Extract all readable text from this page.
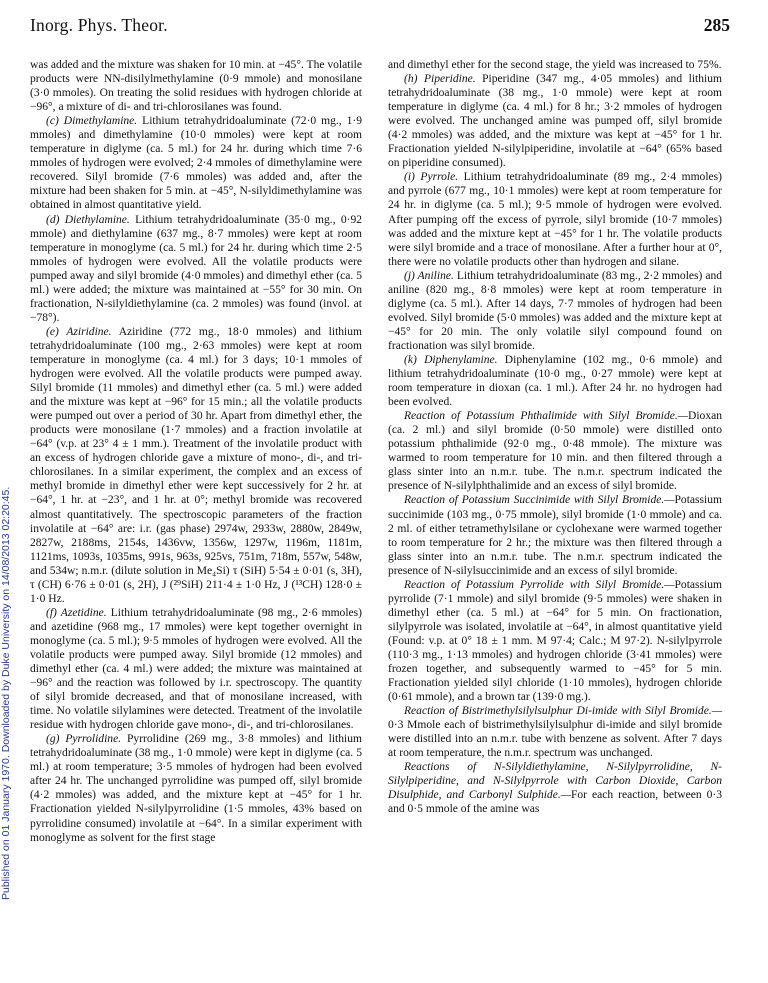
Inorg. Phys. Theor.	285
Published on 01 January 1970. Downloaded by Duke University on 14/08/2013 02:20:45.

was added and the mixture was shaken for 10 min. at −45°. The volatile products were NN-disilylmethylamine (0·9 mmole) and monosilane (3·0 mmoles). On treating the solid residues with hydrogen chloride at −96°, a mixture of di- and tri-chlorosilanes was found.

(c) Dimethylamine. Lithium tetrahydridoaluminate (72·0 mg., 1·9 mmoles) and dimethylamine (10·0 mmoles) were kept at room temperature in diglyme (ca. 5 ml.) for 24 hr. during which time 7·6 mmoles of hydrogen were evolved; 2·4 mmoles of dimethylamine were recovered. Silyl bromide (7·6 mmoles) was added and, after the mixture had been shaken for 5 min. at −45°, N-silyldimethylamine was obtained in almost quantitative yield.

(d) Diethylamine. Lithium tetrahydridoaluminate (35·0 mg., 0·92 mmole) and diethylamine (637 mg., 8·7 mmoles) were kept at room temperature in monoglyme (ca. 5 ml.) for 24 hr. during which time 2·5 mmoles of hydrogen were evolved. All the volatile products were pumped away and silyl bromide (4·0 mmoles) and dimethyl ether (ca. 5 ml.) were added; the mixture was maintained at −55° for 30 min. On fractionation, N-silyldiethylamine (ca. 2 mmoles) was found (invol. at −78°).

(e) Aziridine. Aziridine (772 mg., 18·0 mmoles) and lithium tetrahydridoaluminate (100 mg., 2·63 mmoles) were kept at room temperature in monoglyme (ca. 4 ml.) for 3 days; 10·1 mmoles of hydrogen were evolved. All the volatile products were pumped away. Silyl bromide (11 mmoles) and dimethyl ether (ca. 5 ml.) were added and the mixture was kept at −96° for 15 min.; all the volatile products were pumped out over a period of 30 hr. Apart from dimethyl ether, the products were monosilane (1·7 mmoles) and a fraction involatile at −64° (v.p. at 23° 4 ± 1 mm.). Treatment of the involatile product with an excess of hydrogen chloride gave a mixture of mono-, di-, and tri-chlorosilanes. In a similar experiment, the complex and an excess of methyl bromide in dimethyl ether were kept successively for 2 hr. at −64°, 1 hr. at −23°, and 1 hr. at 0°; methyl bromide was recovered almost quantitatively. The spectroscopic parameters of the fraction involatile at −64° are: i.r. (gas phase) 2974w, 2933w, 2880w, 2849w, 2827w, 2188ms, 2154s, 1436vw, 1356w, 1297w, 1196m, 1181m, 1121ms, 1093s, 1035ms, 991s, 963s, 925vs, 751m, 718m, 557w, 548w, and 534w; n.m.r. (dilute solution in Me₄Si) τ (SiH) 5·54 ± 0·01 (s, 3H), τ (CH) 6·76 ± 0·01 (s, 2H), J (²⁹SiH) 211·4 ± 1·0 Hz, J (¹³CH) 128·0 ± 1·0 Hz.

(f) Azetidine. Lithium tetrahydridoaluminate (98 mg., 2·6 mmoles) and azetidine (968 mg., 17 mmoles) were kept together overnight in monoglyme (ca. 5 ml.); 9·5 mmoles of hydrogen were evolved. All the volatile products were pumped away. Silyl bromide (12 mmoles) and dimethyl ether (ca. 4 ml.) were added; the mixture was maintained at −96° and the reaction was followed by i.r. spectroscopy. The quantity of silyl bromide decreased, and that of monosilane increased, with time. No volatile silylamines were detected. Treatment of the involatile residue with hydrogen chloride gave mono-, di-, and tri-chlorosilanes.

(g) Pyrrolidine. Pyrrolidine (269 mg., 3·8 mmoles) and lithium tetrahydridoaluminate (38 mg., 1·0 mmole) were kept in diglyme (ca. 5 ml.) at room temperature; 3·5 mmoles of hydrogen had been evolved after 24 hr. The unchanged pyrrolidine was pumped off, silyl bromide (4·2 mmoles) was added, and the mixture kept at −45° for 1 hr. Fractionation yielded N-silylpyrrolidine (1·5 mmoles, 43% based on pyrrolidine consumed) involatile at −64°. In a similar experiment with monoglyme as solvent for the first stage

and dimethyl ether for the second stage, the yield was increased to 75%.

(h) Piperidine. Piperidine (347 mg., 4·05 mmoles) and lithium tetrahydridoaluminate (38 mg., 1·0 mmole) were kept at room temperature in diglyme (ca. 4 ml.) for 8 hr.; 3·2 mmoles of hydrogen were evolved. The unchanged amine was pumped off, silyl bromide (4·2 mmoles) was added, and the mixture was kept at −45° for 1 hr. Fractionation yielded N-silylpiperidine, involatile at −64° (65% based on piperidine consumed).

(i) Pyrrole. Lithium tetrahydridoaluminate (89 mg., 2·4 mmoles) and pyrrole (677 mg., 10·1 mmoles) were kept at room temperature for 24 hr. in diglyme (ca. 5 ml.); 9·5 mmole of hydrogen were evolved. After pumping off the excess of pyrrole, silyl bromide (10·7 mmoles) was added and the mixture kept at −45° for 1 hr. The volatile products were silyl bromide and a trace of monosilane. After a further hour at 0°, there were no volatile products other than hydrogen and silane.

(j) Aniline. Lithium tetrahydridoaluminate (83 mg., 2·2 mmoles) and aniline (820 mg., 8·8 mmoles) were kept at room temperature in diglyme (ca. 5 ml.). After 14 days, 7·7 mmoles of hydrogen had been evolved. Silyl bromide (5·0 mmoles) was added and the mixture kept at −45° for 20 min. The only volatile silyl compound found on fractionation was silyl bromide.

(k) Diphenylamine. Diphenylamine (102 mg., 0·6 mmole) and lithium tetrahydridoaluminate (10·0 mg., 0·27 mmole) were kept at room temperature in dioxan (ca. 1 ml.). After 24 hr. no hydrogen had been evolved.

Reaction of Potassium Phthalimide with Silyl Bromide.—Dioxan (ca. 2 ml.) and silyl bromide (0·50 mmole) were distilled onto potassium phthalimide (92·0 mg., 0·48 mmole). The mixture was warmed to room temperature for 10 min. and then filtered through a glass sinter into an n.m.r. tube. The n.m.r. spectrum indicated the presence of N-silylphthalimide and an excess of silyl bromide.

Reaction of Potassium Succinimide with Silyl Bromide.—Potassium succinimide (103 mg., 0·75 mmole), silyl bromide (1·0 mmole) and ca. 2 ml. of either tetramethylsilane or cyclohexane were warmed together to room temperature for 2 hr.; the mixture was then filtered through a glass sinter into an n.m.r. tube. The n.m.r. spectrum indicated the presence of N-silylsuccinimide and an excess of silyl bromide.

Reaction of Potassium Pyrrolide with Silyl Bromide.—Potassium pyrrolide (7·1 mmole) and silyl bromide (9·5 mmoles) were shaken in dimethyl ether (ca. 5 ml.) at −64° for 5 min. On fractionation, silylpyrrole was isolated, involatile at −64°, in almost quantitative yield (Found: v.p. at 0° 18 ± 1 mm. M 97·4; Calc.; M 97·2). N-silylpyrrole (110·3 mg., 1·13 mmoles) and hydrogen chloride (3·41 mmoles) were frozen together, and subsequently warmed to −45° for 5 min. Fractionation yielded silyl chloride (1·10 mmoles), hydrogen chloride (0·61 mmole), and a brown tar (139·0 mg.).

Reaction of Bistrimethylsilylsulphur Di-imide with Silyl Bromide.—0·3 Mmole each of bistrimethylsilylsulphur di-imide and silyl bromide were distilled into an n.m.r. tube with benzene as solvent. After 7 days at room temperature, the n.m.r. spectrum was unchanged.

Reactions of N-Silyldiethylamine, N-Silylpyrrolidine, N-Silylpiperidine, and N-Silylpyrrole with Carbon Dioxide, Carbon Disulphide, and Carbonyl Sulphide.—For each reaction, between 0·3 and 0·5 mmole of the amine was
